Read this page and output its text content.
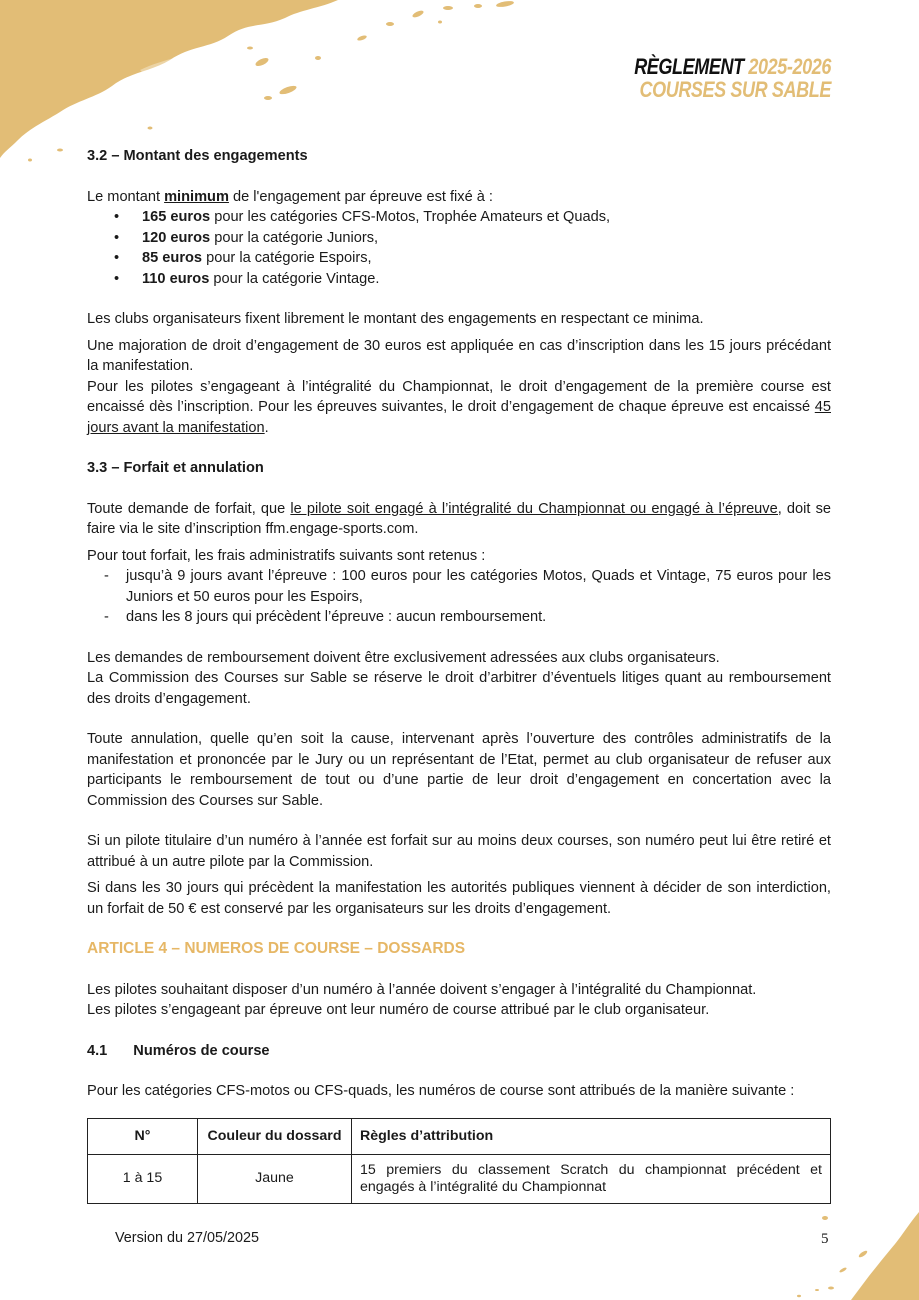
RÈGLEMENT 2025-2026
COURSES SUR SABLE

3.2 – Montant des engagements

Le montant minimum de l'engagement par épreuve est fixé à :

• 165 euros pour les catégories CFS-Motos, Trophée Amateurs et Quads,
• 120 euros pour la catégorie Juniors,
• 85 euros pour la catégorie Espoirs,
• 110 euros pour la catégorie Vintage.

Les clubs organisateurs fixent librement le montant des engagements en respectant ce minima.

Une majoration de droit d’engagement de 30 euros est appliquée en cas d’inscription dans les 15 jours précédant la manifestation.

Pour les pilotes s’engageant à l’intégralité du Championnat, le droit d’engagement de la première course est encaissé dès l’inscription. Pour les épreuves suivantes, le droit d’engagement de chaque épreuve est encaissé 45 jours avant la manifestation.

3.3 – Forfait et annulation

Toute demande de forfait, que le pilote soit engagé à l’intégralité du Championnat ou engagé à l’épreuve, doit se faire via le site d’inscription ffm.engage-sports.com.

Pour tout forfait, les frais administratifs suivants sont retenus :

- jusqu’à 9 jours avant l’épreuve : 100 euros pour les catégories Motos, Quads et Vintage, 75 euros pour les Juniors et 50 euros pour les Espoirs,
- dans les 8 jours qui précèdent l’épreuve : aucun remboursement.

Les demandes de remboursement doivent être exclusivement adressées aux clubs organisateurs.

La Commission des Courses sur Sable se réserve le droit d’arbitrer d’éventuels litiges quant au remboursement des droits d’engagement.

Toute annulation, quelle qu’en soit la cause, intervenant après l’ouverture des contrôles administratifs de la manifestation et prononcée par le Jury ou un représentant de l’Etat, permet au club organisateur de refuser aux participants le remboursement de tout ou d’une partie de leur droit d’engagement en concertation avec la Commission des Courses sur Sable.

Si un pilote titulaire d’un numéro à l’année est forfait sur au moins deux courses, son numéro peut lui être retiré et attribué à un autre pilote par la Commission.

Si dans les 30 jours qui précèdent la manifestation les autorités publiques viennent à décider de son interdiction, un forfait de 50 € est conservé par les organisateurs sur les droits d’engagement.

ARTICLE 4 – NUMEROS DE COURSE – DOSSARDS

Les pilotes souhaitant disposer d’un numéro à l’année doivent s’engager à l’intégralité du Championnat.

Les pilotes s’engageant par épreuve ont leur numéro de course attribué par le club organisateur.

4.1 Numéros de course

Pour les catégories CFS-motos ou CFS-quads, les numéros de course sont attribués de la manière suivante :

N°	Couleur du dossard	Règles d’attribution
1 à 15	Jaune	15 premiers du classement Scratch du championnat précédent et engagés à l’intégralité du Championnat
Version du 27/05/2025	5
